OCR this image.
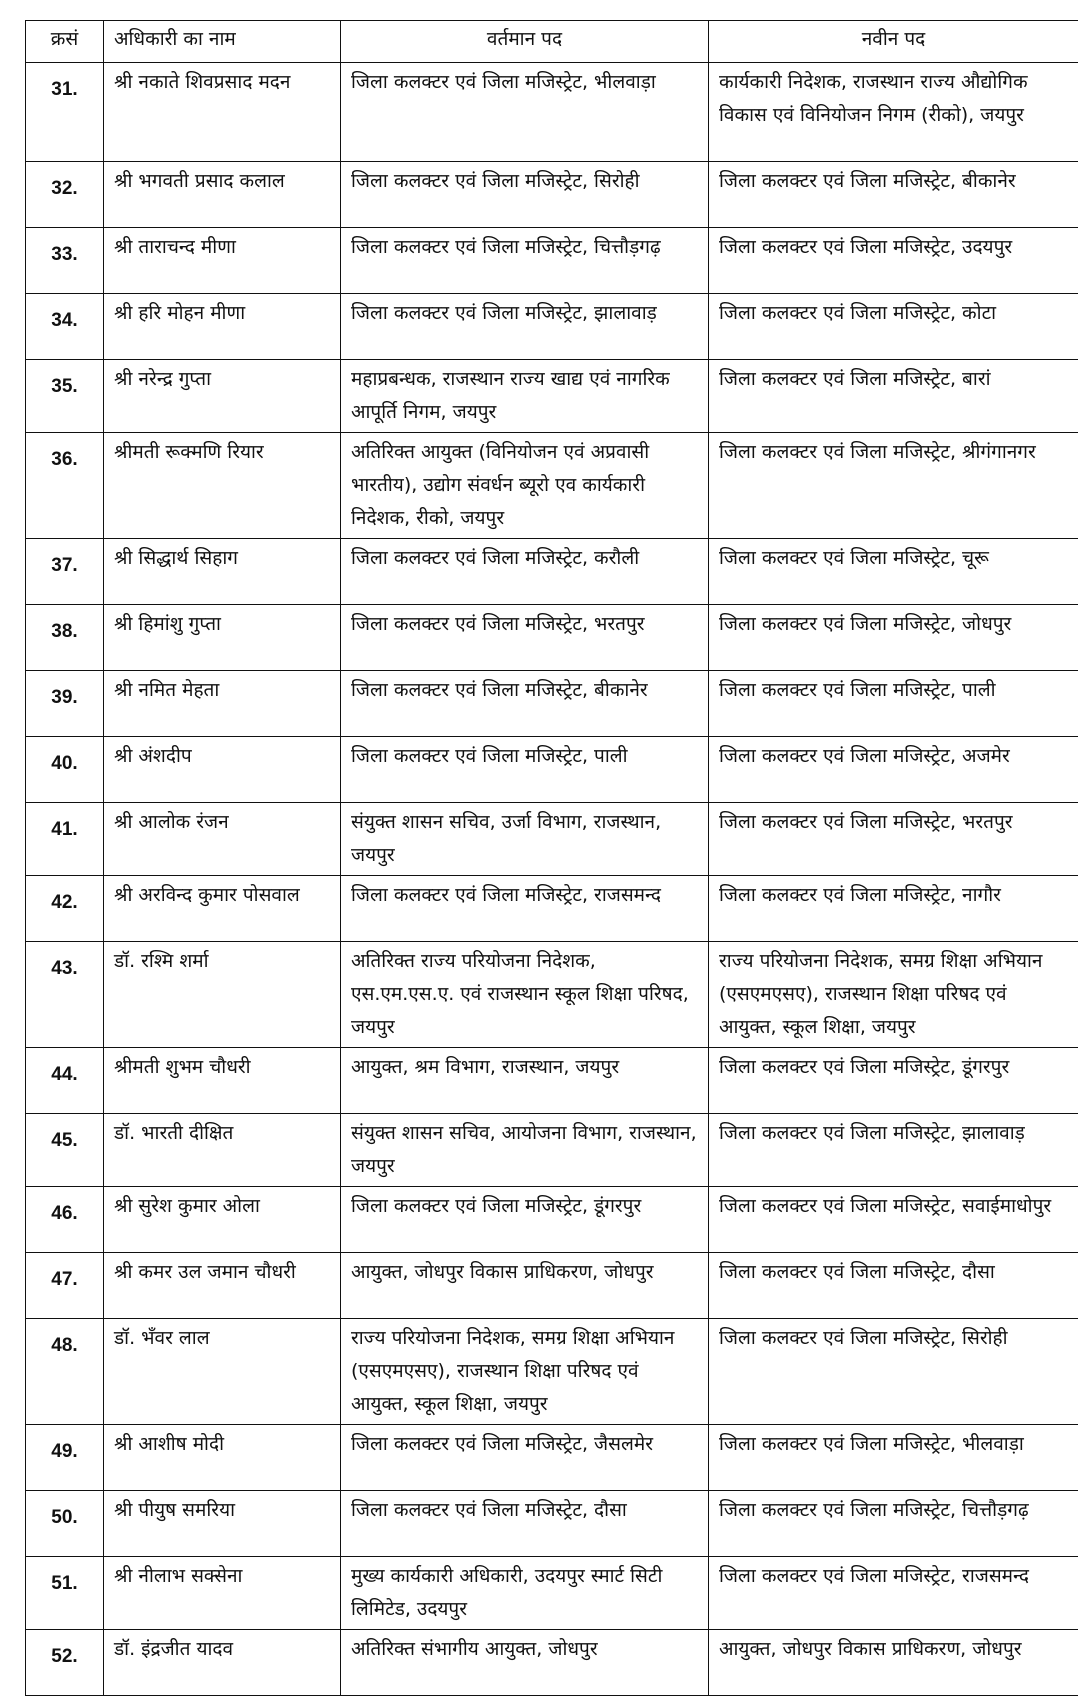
क्रसं	अधिकारी का नाम	वर्तमान पद	नवीन पद
31.	श्री नकाते शिवप्रसाद मदन	जिला कलक्टर एवं जिला मजिस्ट्रेट, भीलवाड़ा	कार्यकारी निदेशक, राजस्थान राज्य औद्योगिक विकास एवं विनियोजन निगम (रीको), जयपुर
32.	श्री भगवती प्रसाद कलाल	जिला कलक्टर एवं जिला मजिस्ट्रेट, सिरोही	जिला कलक्टर एवं जिला मजिस्ट्रेट, बीकानेर
33.	श्री ताराचन्द मीणा	जिला कलक्टर एवं जिला मजिस्ट्रेट, चित्तौड़गढ़	जिला कलक्टर एवं जिला मजिस्ट्रेट, उदयपुर
34.	श्री हरि मोहन मीणा	जिला कलक्टर एवं जिला मजिस्ट्रेट, झालावाड़	जिला कलक्टर एवं जिला मजिस्ट्रेट, कोटा
35.	श्री नरेन्द्र गुप्ता	महाप्रबन्धक, राजस्थान राज्य खाद्य एवं नागरिक आपूर्ति निगम, जयपुर	जिला कलक्टर एवं जिला मजिस्ट्रेट, बारां
36.	श्रीमती रूक्मणि रियार	अतिरिक्त आयुक्त (विनियोजन एवं अप्रवासी भारतीय), उद्योग संवर्धन ब्यूरो एव कार्यकारी निदेशक, रीको, जयपुर	जिला कलक्टर एवं जिला मजिस्ट्रेट, श्रीगंगानगर
37.	श्री सिद्धार्थ सिहाग	जिला कलक्टर एवं जिला मजिस्ट्रेट, करौली	जिला कलक्टर एवं जिला मजिस्ट्रेट, चूरू
38.	श्री हिमांशु गुप्ता	जिला कलक्टर एवं जिला मजिस्ट्रेट, भरतपुर	जिला कलक्टर एवं जिला मजिस्ट्रेट, जोधपुर
39.	श्री नमित मेहता	जिला कलक्टर एवं जिला मजिस्ट्रेट, बीकानेर	जिला कलक्टर एवं जिला मजिस्ट्रेट, पाली
40.	श्री अंशदीप	जिला कलक्टर एवं जिला मजिस्ट्रेट, पाली	जिला कलक्टर एवं जिला मजिस्ट्रेट, अजमेर
41.	श्री आलोक रंजन	संयुक्त शासन सचिव, उर्जा विभाग, राजस्थान, जयपुर	जिला कलक्टर एवं जिला मजिस्ट्रेट, भरतपुर
42.	श्री अरविन्द कुमार पोसवाल	जिला कलक्टर एवं जिला मजिस्ट्रेट, राजसमन्द	जिला कलक्टर एवं जिला मजिस्ट्रेट, नागौर
43.	डॉ. रश्मि शर्मा	अतिरिक्त राज्य परियोजना निदेशक, एस.एम.एस.ए. एवं राजस्थान स्कूल शिक्षा परिषद, जयपुर	राज्य परियोजना निदेशक, समग्र शिक्षा अभियान (एसएमएसए), राजस्थान शिक्षा परिषद एवं आयुक्त, स्कूल शिक्षा, जयपुर
44.	श्रीमती शुभम चौधरी	आयुक्त, श्रम विभाग, राजस्थान, जयपुर	जिला कलक्टर एवं जिला मजिस्ट्रेट, डूंगरपुर
45.	डॉ. भारती दीक्षित	संयुक्त शासन सचिव, आयोजना विभाग, राजस्थान, जयपुर	जिला कलक्टर एवं जिला मजिस्ट्रेट, झालावाड़
46.	श्री सुरेश कुमार ओला	जिला कलक्टर एवं जिला मजिस्ट्रेट, डूंगरपुर	जिला कलक्टर एवं जिला मजिस्ट्रेट, सवाईमाधोपुर
47.	श्री कमर उल जमान चौधरी	आयुक्त, जोधपुर विकास प्राधिकरण, जोधपुर	जिला कलक्टर एवं जिला मजिस्ट्रेट, दौसा
48.	डॉ. भँवर लाल	राज्य परियोजना निदेशक, समग्र शिक्षा अभियान (एसएमएसए), राजस्थान शिक्षा परिषद एवं आयुक्त, स्कूल शिक्षा, जयपुर	जिला कलक्टर एवं जिला मजिस्ट्रेट, सिरोही
49.	श्री आशीष मोदी	जिला कलक्टर एवं जिला मजिस्ट्रेट, जैसलमेर	जिला कलक्टर एवं जिला मजिस्ट्रेट, भीलवाड़ा
50.	श्री पीयुष समरिया	जिला कलक्टर एवं जिला मजिस्ट्रेट, दौसा	जिला कलक्टर एवं जिला मजिस्ट्रेट, चित्तौड़गढ़
51.	श्री नीलाभ सक्सेना	मुख्य कार्यकारी अधिकारी, उदयपुर स्मार्ट सिटी लिमिटेड, उदयपुर	जिला कलक्टर एवं जिला मजिस्ट्रेट, राजसमन्द
52.	डॉ. इंद्रजीत यादव	अतिरिक्त संभागीय आयुक्त, जोधपुर	आयुक्त, जोधपुर विकास प्राधिकरण, जोधपुर
